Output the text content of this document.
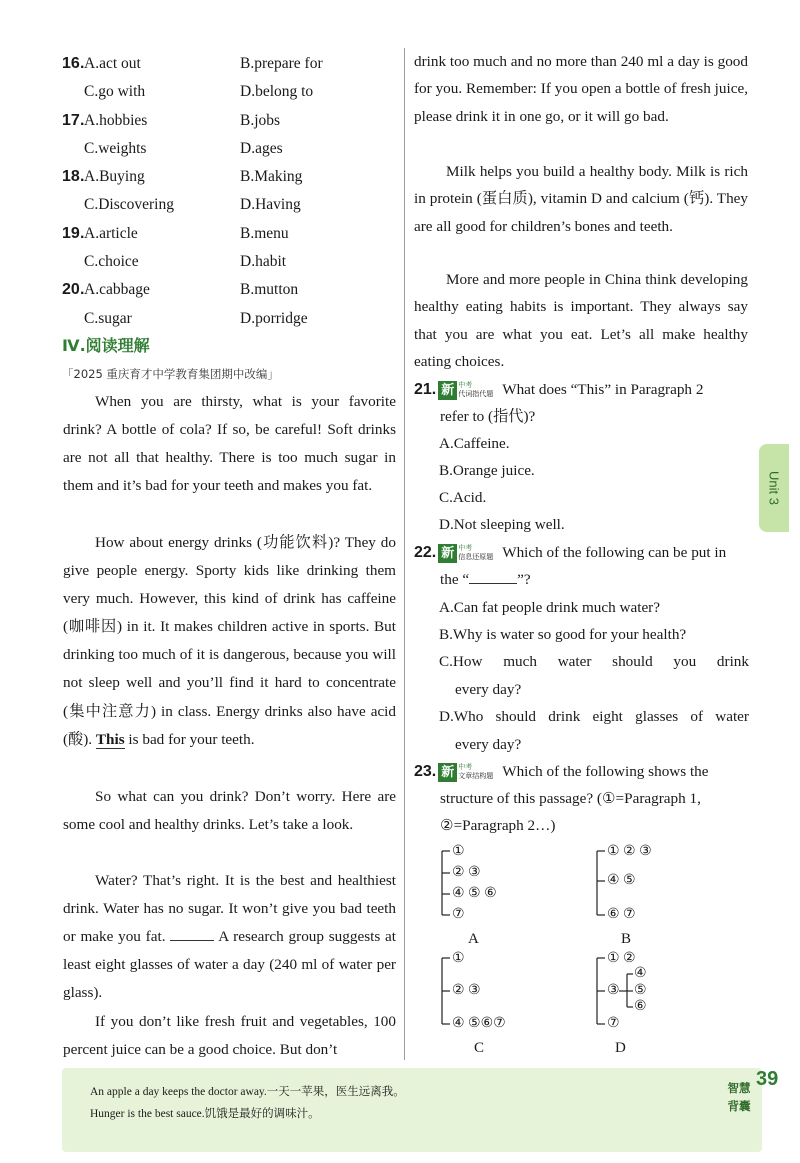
16 . A.act out	B.prepare for
C.go with	D.belong to
17 . A.hobbies	B.jobs
C.weights	D.ages
18 . A.Buying	B.Making
C.Discovering	D.Having
19 . A.article	B.menu
C.choice	D.habit
20 . A.cabbage	B.mutton
C.sugar	D.porridge
Ⅳ.阅读理解
「2025 重庆育才中学教育集团期中改编」
When you are thirsty, what is your favorite drink? A bottle of cola? If so, be careful! Soft drinks are not all that healthy. There is too much sugar in them and it’s bad for your teeth and makes you fat.
How about energy drinks (功能饮料)? They do give people energy. Sporty kids like drinking them very much. However, this kind of drink has caffeine (咖啡因) in it. It makes children active in sports. But drinking too much of it is dangerous, because you will not sleep well and you’ll find it hard to concentrate (集中注意力) in class. Energy drinks also have acid (酸). This is bad for your teeth.
So what can you drink? Don’t worry. Here are some cool and healthy drinks. Let’s take a look.
Water? That’s right. It is the best and healthiest drink. Water has no sugar. It won’t give you bad teeth or make you fat.	A research group suggests at least eight glasses of water a day (240 ml of water per glass).
If you don’t like fresh fruit and vegetables, 100 percent juice can be a good choice. But don’t
drink too much and no more than 240 ml a day is good for you. Remember: If you open a bottle of fresh juice, please drink it in one go, or it will go bad.
Milk helps you build a healthy body. Milk is rich in protein (蛋白质), vitamin D and calcium (钙). They are all good for children’s bones and teeth.
More and more people in China think developing healthy eating habits is important. They always say that you are what you eat. Let’s all make healthy eating choices.
21. 新 中考
代词指代题 What does “This” in Paragraph 2
refer to (指代)?
A.Caffeine.
B.Orange juice.
C.Acid.
D.Not sleeping well.
22. 新 中考
信息还原题 Which of the following can be put in
the “	”?
A.Can fat people drink much water?
B.Why is water so good for your health?
C.How much water should you drink
every day?
D.Who should drink eight glasses of water
every day?
23. 新 中考
文章结构题 Which of the following shows the
structure of this passage? (①=Paragraph 1,
②=Paragraph 2…)
①
② ③
④ ⑤ ⑥
⑦
A
① ② ③
④ ⑤
⑥ ⑦
B
①
② ③
④ ⑤⑥⑦
C
① ②
③
④
⑤
⑥
⑦
D
Unit 3
An apple a day keeps the doctor away.一天一苹果，医生远离我。
Hunger is the best sauce.饥饿是最好的调味汁。
智慧
背囊
39
